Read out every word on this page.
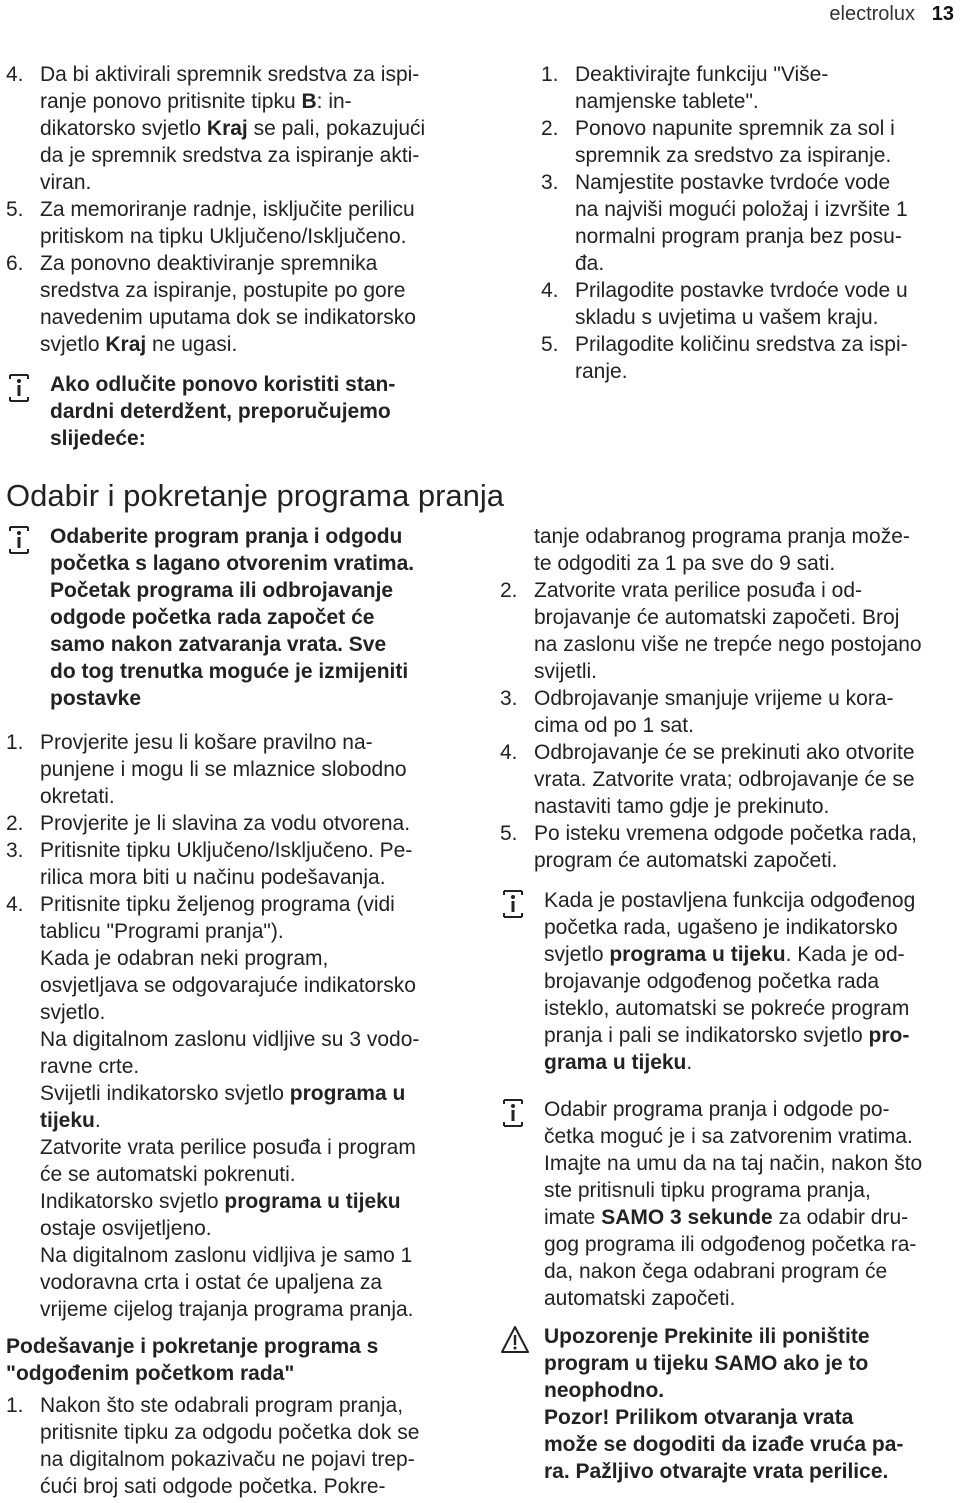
electrolux 13
4. Da bi aktivirali spremnik sredstva za ispi-

ranje ponovo pritisnite tipku B: in-

dikatorsko svjetlo Kraj se pali, pokazujući

da je spremnik sredstva za ispiranje akti-

viran.

5. Za memoriranje radnje, isključite perilicu

pritiskom na tipku Uključeno/Isključeno.

6. Za ponovno deaktiviranje spremnika

sredstva za ispiranje, postupite po gore

navedenim uputama dok se indikatorsko

svjetlo Kraj ne ugasi.

Ako odlučite ponovo koristiti stan-

dardni deterdžent, preporučujemo

slijedeće:

1. Deaktivirajte funkciju "Više-

namjenske tablete".

2. Ponovo napunite spremnik za sol i

spremnik za sredstvo za ispiranje.

3. Namjestite postavke tvrdoće vode

na najviši mogući položaj i izvršite 1

normalni program pranja bez posu-

đa.

4. Prilagodite postavke tvrdoće vode u

skladu s uvjetima u vašem kraju.

5. Prilagodite količinu sredstva za ispi-

ranje.

Odabir i pokretanje programa pranja

Odaberite program pranja i odgodu

početka s lagano otvorenim vratima.

Početak programa ili odbrojavanje

odgode početka rada započet će

samo nakon zatvaranja vrata. Sve

do tog trenutka moguće je izmijeniti

postavke

1. Provjerite jesu li košare pravilno na-

punjene i mogu li se mlaznice slobodno

okretati.

2. Provjerite je li slavina za vodu otvorena.

3. Pritisnite tipku Uključeno/Isključeno. Pe-

rilica mora biti u načinu podešavanja.

4. Pritisnite tipku željenog programa (vidi

tablicu "Programi pranja").

Kada je odabran neki program,

osvjetljava se odgovarajuće indikatorsko

svjetlo.

Na digitalnom zaslonu vidljive su 3 vodo-

ravne crte.

Svijetli indikatorsko svjetlo programa u

tijeku.

Zatvorite vrata perilice posuđa i program

će se automatski pokrenuti.

Indikatorsko svjetlo programa u tijeku

ostaje osvijetljeno.

Na digitalnom zaslonu vidljiva je samo 1

vodoravna crta i ostat će upaljena za

vrijeme cijelog trajanja programa pranja.

Podešavanje i pokretanje programa s

"odgođenim početkom rada"

1. Nakon što ste odabrali program pranja,

pritisnite tipku za odgodu početka dok se

na digitalnom pokazivaču ne pojavi trep-

ćući broj sati odgode početka. Pokre-

tanje odabranog programa pranja može-

te odgoditi za 1 pa sve do 9 sati.

2. Zatvorite vrata perilice posuđa i od-

brojavanje će automatski započeti. Broj

na zaslonu više ne trepće nego postojano

svijetli.

3. Odbrojavanje smanjuje vrijeme u kora-

cima od po 1 sat.

4. Odbrojavanje će se prekinuti ako otvorite

vrata. Zatvorite vrata; odbrojavanje će se

nastaviti tamo gdje je prekinuto.

5. Po isteku vremena odgode početka rada,

program će automatski započeti.

Kada je postavljena funkcija odgođenog

početka rada, ugašeno je indikatorsko

svjetlo programa u tijeku. Kada je od-

brojavanje odgođenog početka rada

isteklo, automatski se pokreće program

pranja i pali se indikatorsko svjetlo pro-

grama u tijeku.

Odabir programa pranja i odgode po-

četka moguć je i sa zatvorenim vratima.

Imajte na umu da na taj način, nakon što

ste pritisnuli tipku programa pranja,

imate SAMO 3 sekunde za odabir dru-

gog programa ili odgođenog početka ra-

da, nakon čega odabrani program će

automatski započeti.

Upozorenje Prekinite ili poništite

program u tijeku SAMO ako je to

neophodno.

Pozor! Prilikom otvaranja vrata

može se dogoditi da izađe vruća pa-

ra. Pažljivo otvarajte vrata perilice.
